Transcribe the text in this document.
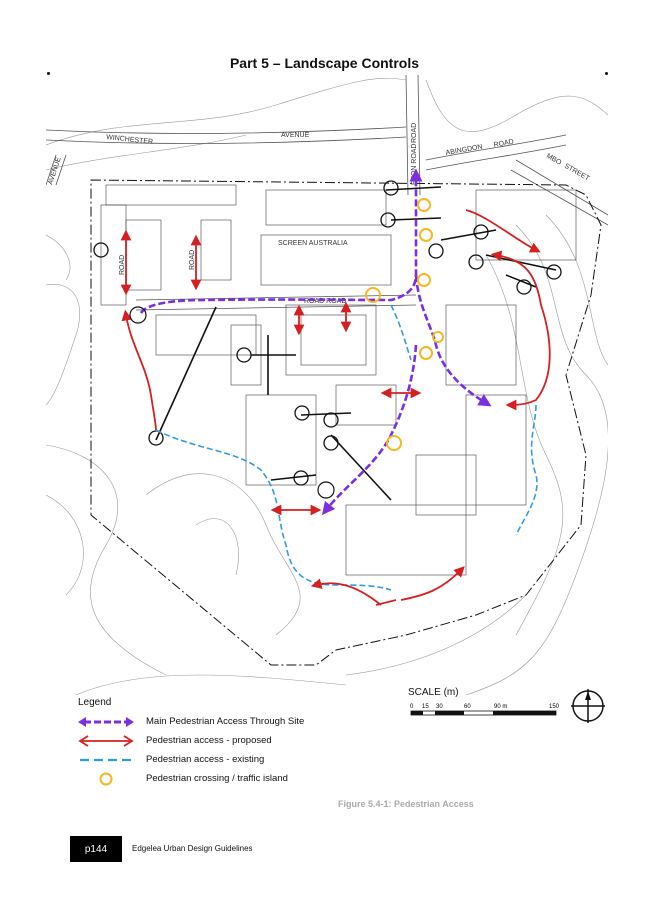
Part 5 – Landscape Controls
WINCHESTER	AVENUE
AVENUE	ETON ROAD
ROAD
ABINGDON ROAD
MBO
STREET
SCREEN AUSTRALIA
ROAD ROAD
ROAD	ROAD
Legend
Main Pedestrian Access Through Site
Pedestrian access - proposed
Pedestrian access - existing
Pedestrian crossing / traffic island
SCALE (m)
0 15 30	60	90 m	150
Figure 5.4-1: Pedestrian Access
p144	Edgelea Urban Design Guidelines
